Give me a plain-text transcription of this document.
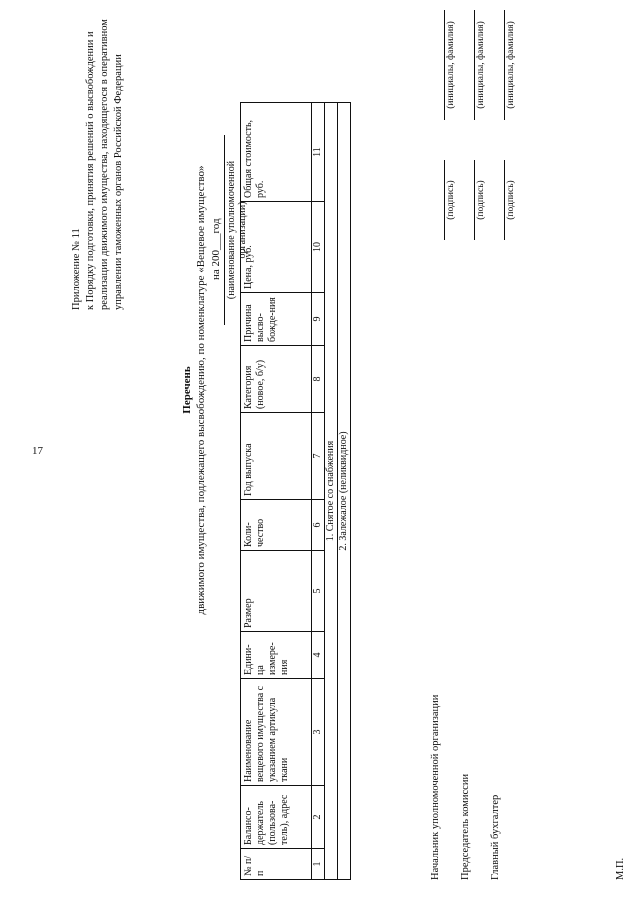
17
Приложение № 11 к Порядку подготовки, принятия решений о высвобождении и реализации движимого имущества, находящегося в оперативном управлении таможенных органов Российской Федерации
Перечень движимого имущества, подлежащего высвобождению, по номенклатуре «Вещевое имущество» на 200___год (наименование уполномоченной организации)
№ п/п	Балансо-держатель (пользова-тель), адрес	Наименование вещевого имущества с указанием артикула ткани	Едини-ца измере-ния	Размер	Коли-чество	Год выпуска	Категория (новое, б/у)	Причина высво-божде-ния	Цена, руб.	Общая стоимость, руб.
1	2	3	4	5	6	7	8	9	10	11
1. Снятое со снабжения										
2. Залежалое (неликвидное)										
Начальник уполномоченной организации
(подпись)
(инициалы, фамилия)
Председатель комиссии
(подпись)
(инициалы, фамилия)
Главный бухгалтер
(подпись)
(инициалы, фамилия)
М.П.
